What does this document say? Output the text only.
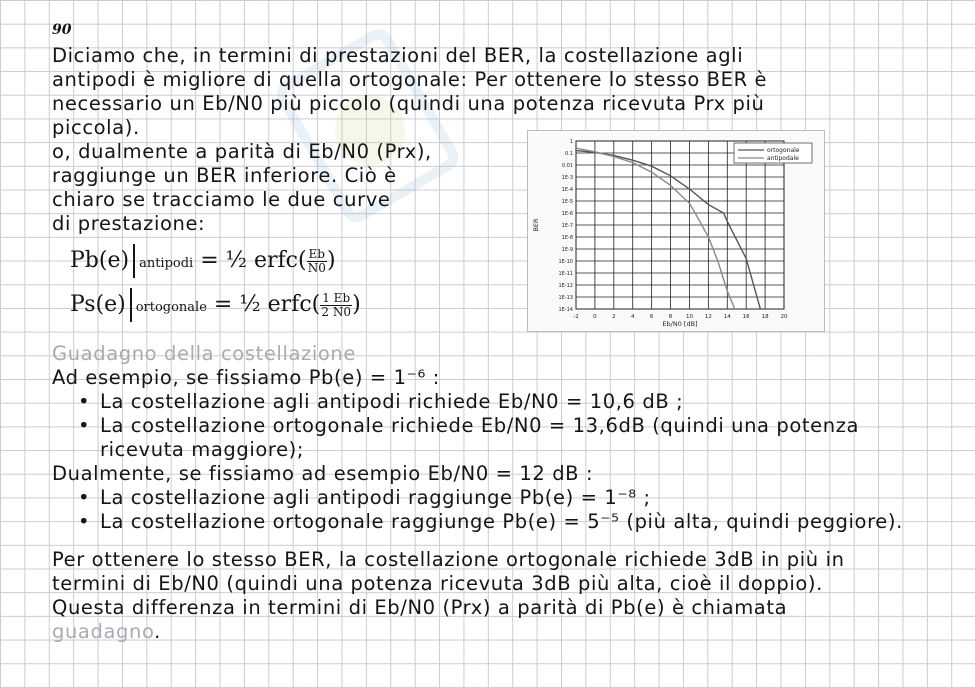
90
Diciamo che, in termini di prestazioni del BER, la costellazione agli
antipodi è migliore di quella ortogonale: Per ottenere lo stesso BER è
necessario un Eb/N0 più piccolo (quindi una potenza ricevuta Prx più
piccola).
o, dualmente a parità di Eb/N0 (Prx),
raggiunge un BER inferiore. Ciò è
chiaro se tracciamo le due curve
di prestazione:
Pb(e) antipodi = ½ erfc( $\frac{Eb}{N0}$ )
Ps(e) ortogonale = ½ erfc( $\frac{1 Eb}{2 N0}$ )	-2	0	2	4	6	8 10 12 14 16 18 20
1
0.1
0.01
1E-3
1E-4
1E-5
1E-6
1E-7
1E-8
1E-9
1E-10
1E-11
1E-12
1E-13
1E-14
Eb/N0 [dB]
BER
ortogonale
antipodale
Guadagno della costellazione
Ad esempio, se fissiamo Pb(e) = 1⁻⁶ :
• La costellazione agli antipodi richiede Eb/N0 = 10,6 dB ;
• La costellazione ortogonale richiede Eb/N0 = 13,6dB (quindi una potenza
ricevuta maggiore);
Dualmente, se fissiamo ad esempio Eb/N0 = 12 dB :
• La costellazione agli antipodi raggiunge Pb(e) = 1⁻⁸ ;
• La costellazione ortogonale raggiunge Pb(e) = 5⁻⁵ (più alta, quindi peggiore).
Per ottenere lo stesso BER, la costellazione ortogonale richiede 3dB in più in
termini di Eb/N0 (quindi una potenza ricevuta 3dB più alta, cioè il doppio).
Questa differenza in termini di Eb/N0 (Prx) a parità di Pb(e) è chiamata
guadagno.
